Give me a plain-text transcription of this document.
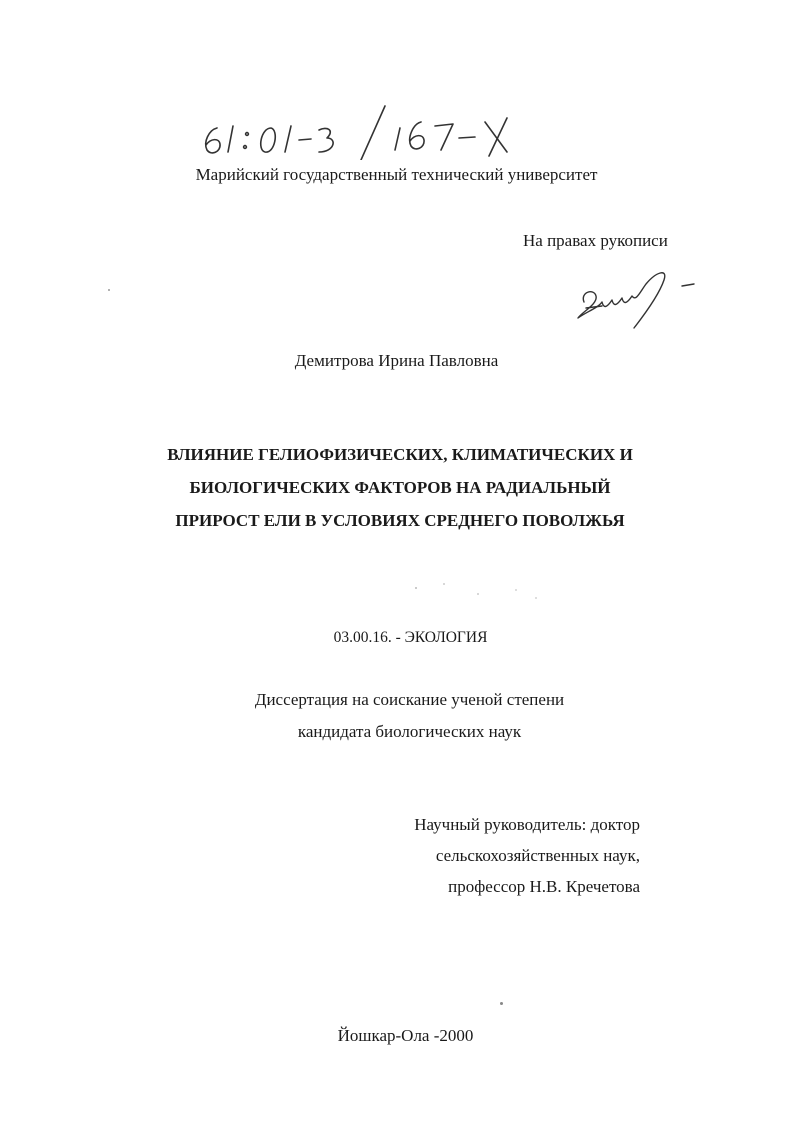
Марийский государственный технический университет
На правах рукописи
Демитрова Ирина Павловна
ВЛИЯНИЕ ГЕЛИОФИЗИЧЕСКИХ, КЛИМАТИЧЕСКИХ И
БИОЛОГИЧЕСКИХ ФАКТОРОВ НА РАДИАЛЬНЫЙ
ПРИРОСТ ЕЛИ В УСЛОВИЯХ СРЕДНЕГО ПОВОЛЖЬЯ
03.00.16. - ЭКОЛОГИЯ
Диссертация на соискание ученой степени
кандидата биологических наук
Научный руководитель: доктор
сельскохозяйственных наук,
профессор Н.В. Кречетова
Йошкар-Ола -2000
